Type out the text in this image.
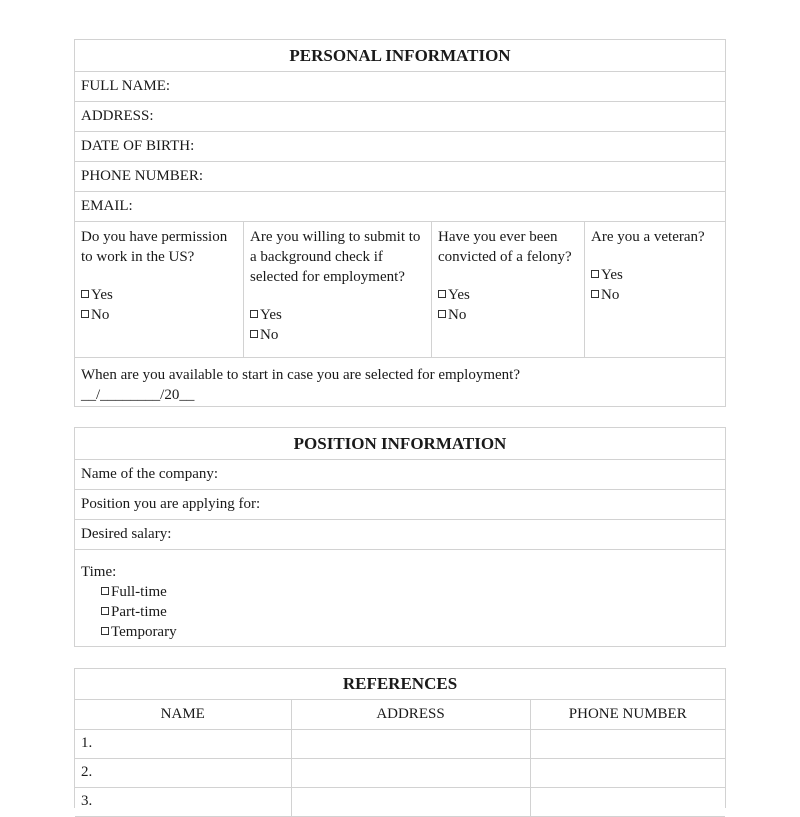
PERSONAL INFORMATION
FULL NAME:
ADDRESS:
DATE OF BIRTH:
PHONE NUMBER:
EMAIL:
Do you have permission to work in the US?
Yes
No
Are you willing to submit to a background check if selected for employment?
Yes
No
Have you ever been convicted of a felony?
Yes
No
Are you a veteran?
Yes
No
When are you available to start in case you are selected for employment?
__/________/20__
POSITION INFORMATION
Name of the company:
Position you are applying for:
Desired salary:
Time:
Full-time
Part-time
Temporary
REFERENCES
NAME	ADDRESS	PHONE NUMBER
1.		
2.		
3.		
